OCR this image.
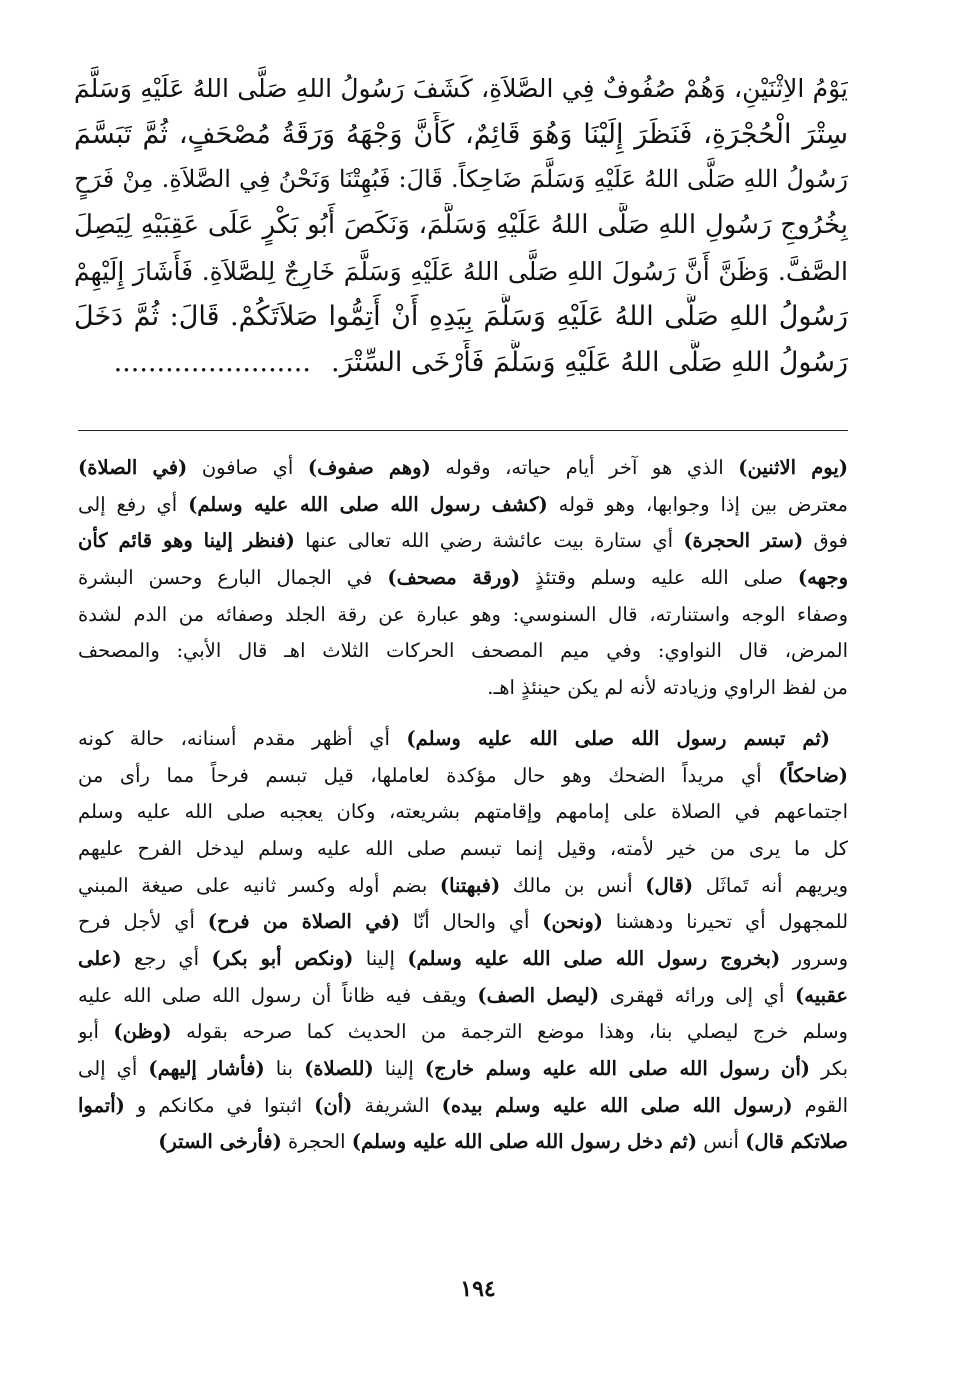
يَوْمُ الاِثْنَيْنِ، وَهُمْ صُفُوفٌ فِي الصَّلاَةِ، كَشَفَ رَسُولُ اللهِ صَلَّى اللهُ عَلَيْهِ وَسَلَّمَ
سِتْرَ الْحُجْرَةِ، فَنَظَرَ إِلَيْنَا وَهُوَ قَائِمٌ، كَأَنَّ وَجْهَهُ وَرَقَةُ مُصْحَفٍ، ثُمَّ تَبَسَّمَ
رَسُولُ اللهِ صَلَّى اللهُ عَلَيْهِ وَسَلَّمَ ضَاحِكاً. قَالَ: فَبُهِتْنَا وَنَحْنُ فِي الصَّلاَةِ. مِنْ فَرَحٍ
بِخُرُوجِ رَسُولِ اللهِ صَلَّى اللهُ عَلَيْهِ وَسَلَّمَ، وَنَكَصَ أَبُو بَكْرٍ عَلَى عَقِبَيْهِ لِيَصِلَ
الصَّفَّ. وَظَنَّ أَنَّ رَسُولَ اللهِ صَلَّى اللهُ عَلَيْهِ وَسَلَّمَ خَارِجٌ لِلصَّلاَةِ. فَأَشَارَ إِلَيْهِمْ
رَسُولُ اللهِ صَلَّى اللهُ عَلَيْهِ وَسَلَّمَ بِيَدِهِ أَنْ أَتِمُّوا صَلاَتَكُمْ. قَالَ: ثُمَّ دَخَلَ
رَسُولُ اللهِ صَلَّى اللهُ عَلَيْهِ وَسَلَّمَ فَأَرْخَى السِّتْرَ........................
(يوم الاثنين) الذي هو آخر أيام حياته، وقوله (وهم صفوف) أي صافون (في الصلاة)
معترض بين إذا وجوابها، وهو قوله (كشف رسول الله صلى الله عليه وسلم) أي رفع إلى
فوق (ستر الحجرة) أي ستارة بيت عائشة رضي الله تعالى عنها (فنظر إلينا وهو قائم كأن
وجهه) صلى الله عليه وسلم وقتئذٍ (ورقة مصحف) في الجمال البارع وحسن البشرة
وصفاء الوجه واستنارته، قال السنوسي: وهو عبارة عن رقة الجلد وصفائه من الدم لشدة
المرض، قال النواوي: وفي ميم المصحف الحركات الثلاث اهـ قال الأبي: والمصحف
من لفظ الراوي وزيادته لأنه لم يكن حينئذٍ اهـ.
(ثم تبسم رسول الله صلى الله عليه وسلم) أي أظهر مقدم أسنانه، حالة كونه
(ضاحكاً) أي مريداً الضحك وهو حال مؤكدة لعاملها، قيل تبسم فرحاً مما رأى من
اجتماعهم في الصلاة على إمامهم وإقامتهم بشريعته، وكان يعجبه صلى الله عليه وسلم
كل ما يرى من خير لأمته، وقيل إنما تبسم صلى الله عليه وسلم ليدخل الفرح عليهم
ويريهم أنه تَماثَل (قال) أنس بن مالك (فبهتنا) بضم أوله وكسر ثانيه على صيغة المبني
للمجهول أي تحيرنا ودهشنا (ونحن) أي والحال أنّا (في الصلاة من فرح) أي لأجل فرح
وسرور (بخروج رسول الله صلى الله عليه وسلم) إلينا (ونكص أبو بكر) أي رجع (على
عقبيه) أي إلى ورائه قهقرى (ليصل الصف) ويقف فيه ظاناً أن رسول الله صلى الله عليه
وسلم خرج ليصلي بنا، وهذا موضع الترجمة من الحديث كما صرحه بقوله (وظن) أبو
بكر (أن رسول الله صلى الله عليه وسلم خارج) إلينا (للصلاة) بنا (فأشار إليهم) أي إلى
القوم (رسول الله صلى الله عليه وسلم بيده) الشريفة (أن) اثبتوا في مكانكم و (أتموا
صلاتكم قال) أنس (ثم دخل رسول الله صلى الله عليه وسلم) الحجرة (فأرخى الستر)
١٩٤
